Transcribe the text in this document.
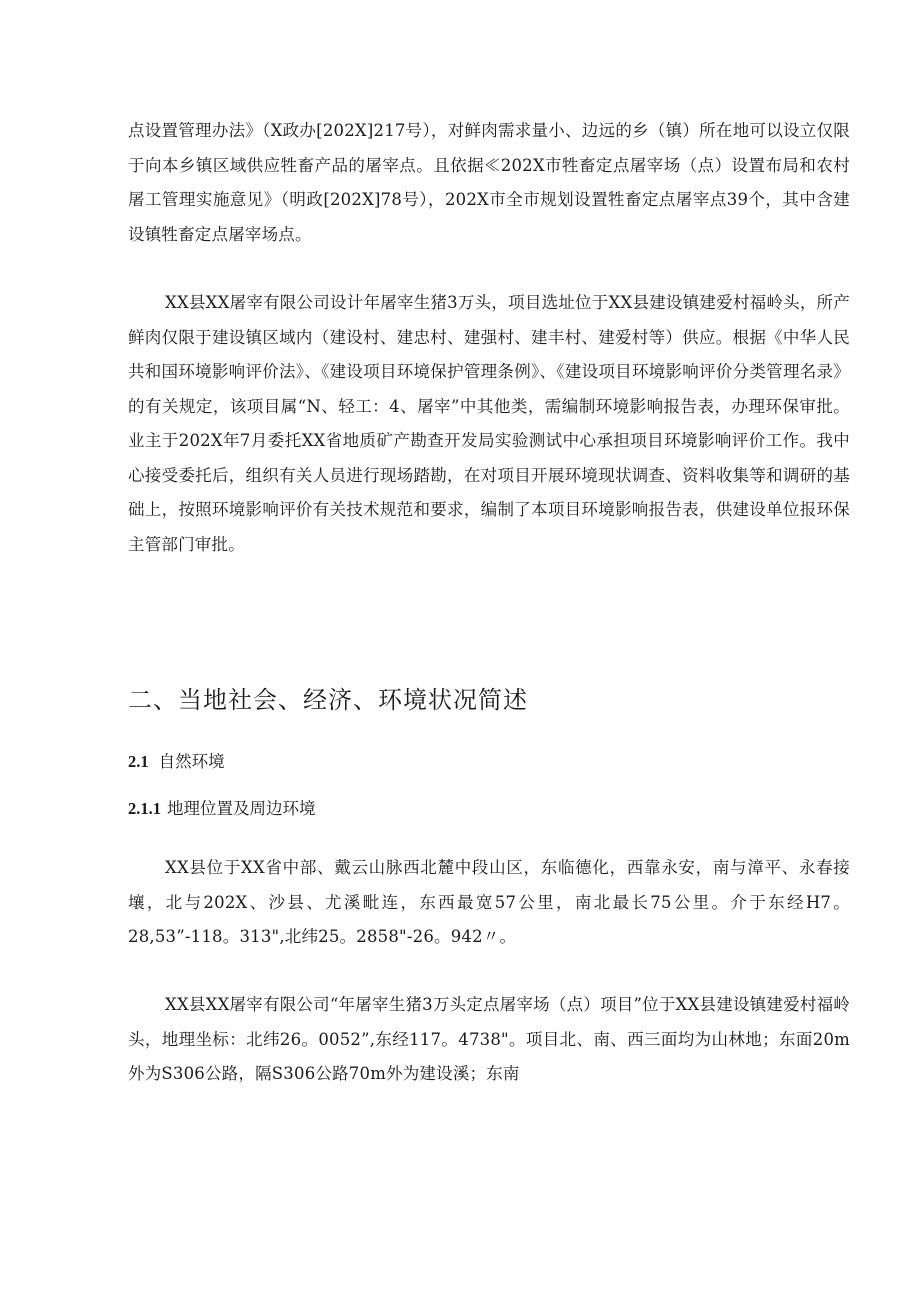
点设置管理办法》（X政办[202X]217号），对鲜肉需求量小、边远的乡（镇）所在地可以设立仅限于向本乡镇区域供应牲畜产品的屠宰点。且依据≪202X市牲畜定点屠宰场（点）设置布局和农村屠工管理实施意见》（明政[202X]78号），202X市全市规划设置牲畜定点屠宰点39个，其中含建设镇牲畜定点屠宰场点。

XX县XX屠宰有限公司设计年屠宰生猪3万头，项目选址位于XX县建设镇建爱村福岭头，所产鲜肉仅限于建设镇区域内（建设村、建忠村、建强村、建丰村、建爱村等）供应。根据《中华人民共和国环境影响评价法》、《建设项目环境保护管理条例》、《建设项目环境影响评价分类管理名录》的有关规定，该项目属“N、轻工：4、屠宰”中其他类，需编制环境影响报告表，办理环保审批。业主于202X年7月委托XX省地质矿产勘查开发局实验测试中心承担项目环境影响评价工作。我中心接受委托后，组织有关人员进行现场踏勘，在对项目开展环境现状调查、资料收集等和调研的基础上，按照环境影响评价有关技术规范和要求，编制了本项目环境影响报告表，供建设单位报环保主管部门审批。

二、当地社会、经济、环境状况简述
2.1 自然环境
2.1.1 地理位置及周边环境

XX县位于XX省中部、戴云山脉西北麓中段山区，东临德化，西靠永安，南与漳平、永春接壤，北与202X、沙县、尤溪毗连，东西最宽57公里，南北最长75公里。介于东经H7。28,53”-118。313",北纬25。2858"-26。942〃。

XX县XX屠宰有限公司“年屠宰生猪3万头定点屠宰场（点）项目”位于XX县建设镇建爱村福岭头，地理坐标：北纬26。0052”,东经117。4738"。项目北、南、西三面均为山林地；东面20m外为S306公路，隔S306公路70m外为建设溪；东南
